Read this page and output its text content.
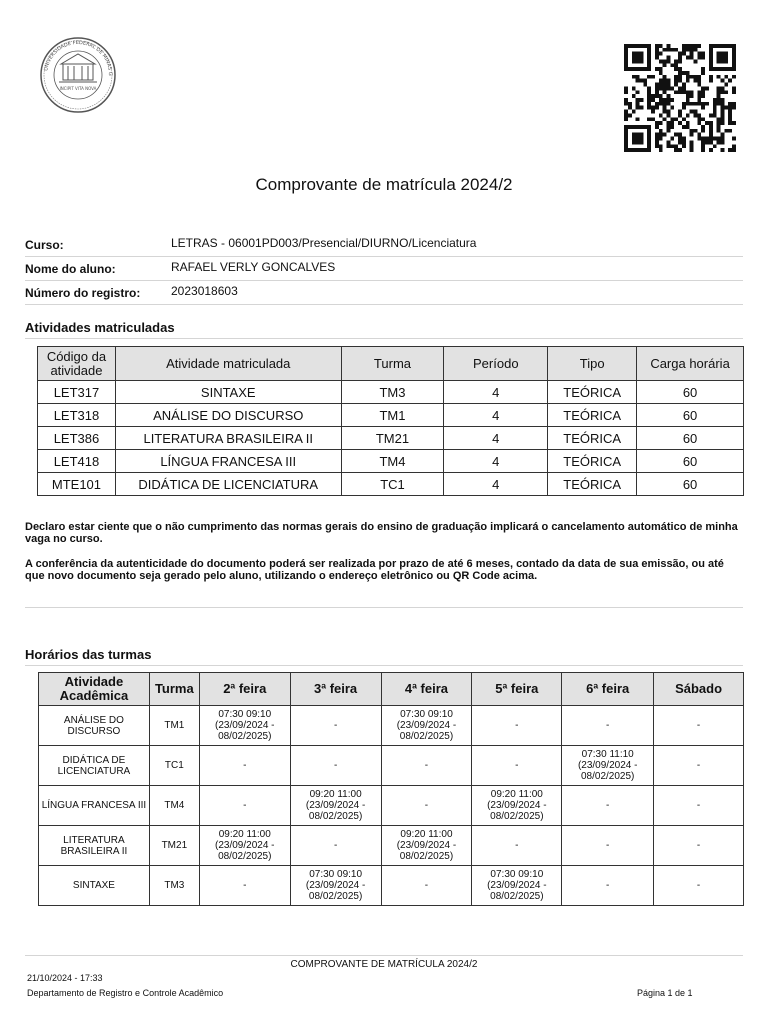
INCIPIT VITA NOVA
UNIVERSIDADE FEDERAL DE MINAS G
Comprovante de matrícula 2024/2
Curso:	LETRAS - 06001PD003/Presencial/DIURNO/Licenciatura
Nome do aluno:	RAFAEL VERLY GONCALVES
Número do registro:	2023018603
Atividades matriculadas
Código da atividade	Atividade matriculada	Turma	Período	Tipo	Carga horária
LET317	SINTAXE	TM3	4	TEÓRICA	60
LET318	ANÁLISE DO DISCURSO	TM1	4	TEÓRICA	60
LET386	LITERATURA BRASILEIRA II	TM21	4	TEÓRICA	60
LET418	LÍNGUA FRANCESA III	TM4	4	TEÓRICA	60
MTE101	DIDÁTICA DE LICENCIATURA	TC1	4	TEÓRICA	60
Declaro estar ciente que o não cumprimento das normas gerais do ensino de graduação implicará o cancelamento automático de minha vaga no curso.
A conferência da autenticidade do documento poderá ser realizada por prazo de até 6 meses, contado da data de sua emissão, ou até que novo documento seja gerado pelo aluno, utilizando o endereço eletrônico ou QR Code acima.
Horários das turmas
Atividade Acadêmica	Turma	2ª feira	3ª feira	4ª feira	5ª feira	6ª feira	Sábado
ANÁLISE DO DISCURSO	TM1	07:30 09:10 (23/09/2024 - 08/02/2025)	-	07:30 09:10 (23/09/2024 - 08/02/2025)	-	-	-
DIDÁTICA DE LICENCIATURA	TC1	-	-	-	-	07:30 11:10 (23/09/2024 - 08/02/2025)	-
LÍNGUA FRANCESA III	TM4	-	09:20 11:00 (23/09/2024 - 08/02/2025)	-	09:20 11:00 (23/09/2024 - 08/02/2025)	-	-
LITERATURA BRASILEIRA II	TM21	09:20 11:00 (23/09/2024 - 08/02/2025)	-	09:20 11:00 (23/09/2024 - 08/02/2025)	-	-	-
SINTAXE	TM3	-	07:30 09:10 (23/09/2024 - 08/02/2025)	-	07:30 09:10 (23/09/2024 - 08/02/2025)	-	-
COMPROVANTE DE MATRÍCULA 2024/2
21/10/2024 - 17:33
Departamento de Registro e Controle Acadêmico	Página 1 de 1
